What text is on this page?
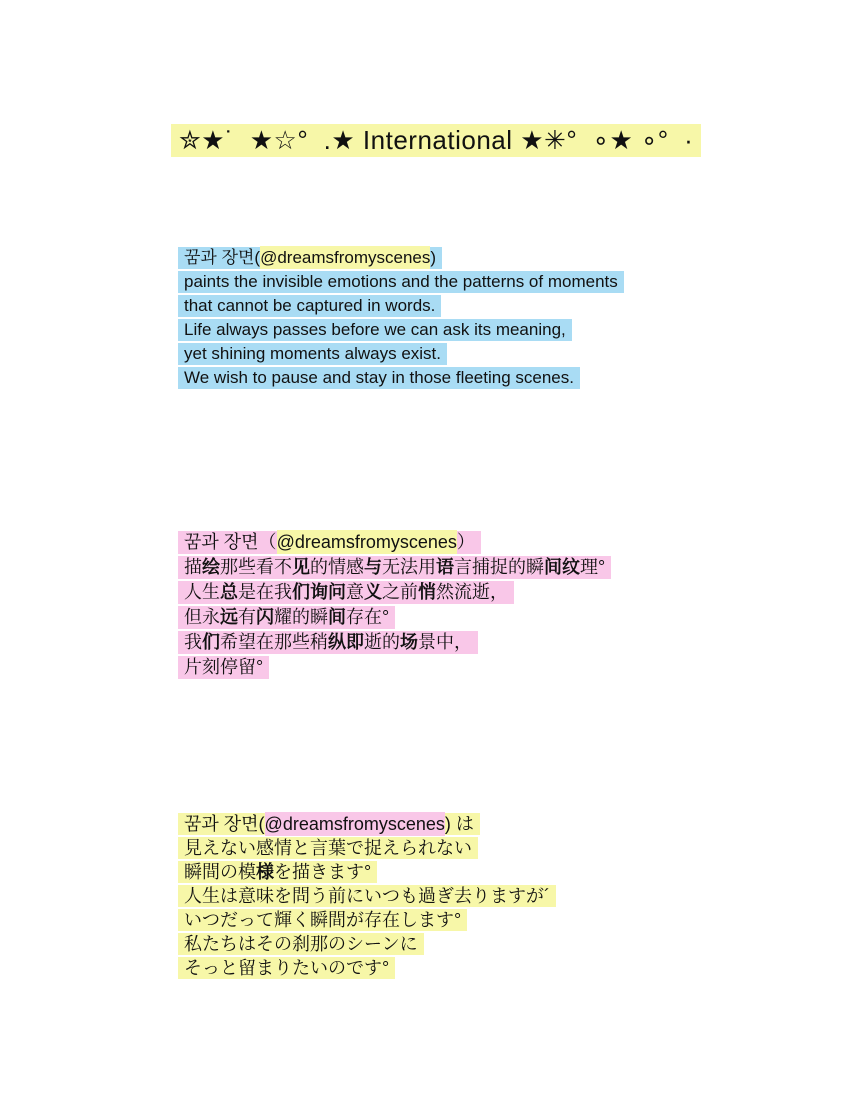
✮★˙  ★☆°  .★ International ★✳°  ∘★ ∘°  ·
꿈과 장면(@dreamsfromyscenes)
paints the invisible emotions and the patterns of moments
that cannot be captured in words.
Life always passes before we can ask its meaning,
yet shining moments always exist.
We wish to pause and stay in those fleeting scenes.
꿈과 장면（@dreamsfromyscenes）
描绘那些看不见的情感与无法用语言捕捉的瞬间纹理°
人生总是在我们询问意义之前悄然流逝，
但永远有闪耀的瞬间存在°
我们希望在那些稍纵即逝的场景中，
片刻停留°
꿈과 장면(@dreamsfromyscenes) は
見えない感情と言葉で捉えられない
瞬間の模様を描きます°
人生は意味を問う前にいつも過ぎ去りますが´
いつだって輝く瞬間が存在します°
私たちはその刹那のシーンに
そっと留まりたいのです°
